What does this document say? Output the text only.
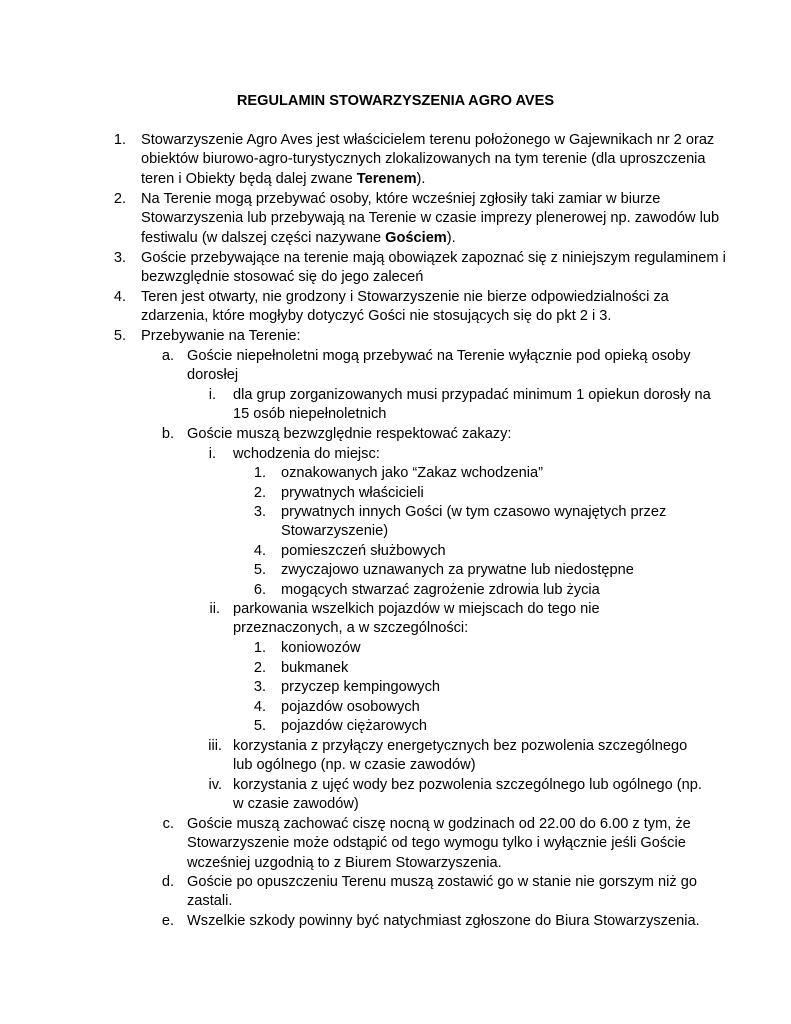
REGULAMIN STOWARZYSZENIA AGRO AVES
1. Stowarzyszenie Agro Aves jest właścicielem terenu położonego w Gajewnikach nr 2 oraz obiektów biurowo-agro-turystycznych zlokalizowanych na tym terenie (dla uproszczenia teren i Obiekty będą dalej zwane Terenem).
2. Na Terenie mogą przebywać osoby, które wcześniej zgłosiły taki zamiar w biurze Stowarzyszenia lub przebywają na Terenie w czasie imprezy plenerowej np. zawodów lub festiwalu (w dalszej części nazywane Gościem).
3. Goście przebywające na terenie mają obowiązek zapoznać się z niniejszym regulaminem i bezwzględnie stosować się do jego zaleceń
4. Teren jest otwarty, nie grodzony i Stowarzyszenie nie bierze odpowiedzialności za zdarzenia, które mogłyby dotyczyć Gości nie stosujących się do pkt 2 i 3.
5. Przebywanie na Terenie:
a. Goście niepełnoletni mogą przebywać na Terenie wyłącznie pod opieką osoby dorosłej
i. dla grup zorganizowanych musi przypadać minimum 1 opiekun dorosły na 15 osób niepełnoletnich
b. Goście muszą bezwzględnie respektować zakazy:
i. wchodzenia do miejsc:
1. oznakowanych jako “Zakaz wchodzenia”
2. prywatnych właścicieli
3. prywatnych innych Gości (w tym czasowo wynajętych przez Stowarzyszenie)
4. pomieszczeń służbowych
5. zwyczajowo uznawanych za prywatne lub niedostępne
6. mogących stwarzać zagrożenie zdrowia lub życia
ii. parkowania wszelkich pojazdów w miejscach do tego nie przeznaczonych, a w szczególności:
1. koniowozów
2. bukmanek
3. przyczep kempingowych
4. pojazdów osobowych
5. pojazdów ciężarowych
iii. korzystania z przyłączy energetycznych bez pozwolenia szczególnego lub ogólnego (np. w czasie zawodów)
iv. korzystania z ujęć wody bez pozwolenia szczególnego lub ogólnego (np. w czasie zawodów)
c. Goście muszą zachować ciszę nocną w godzinach od 22.00 do 6.00 z tym, że Stowarzyszenie może odstąpić od tego wymogu tylko i wyłącznie jeśli Goście wcześniej uzgodnią to z Biurem Stowarzyszenia.
d. Goście po opuszczeniu Terenu muszą zostawić go w stanie nie gorszym niż go zastali.
e. Wszelkie szkody powinny być natychmiast zgłoszone do Biura Stowarzyszenia.
